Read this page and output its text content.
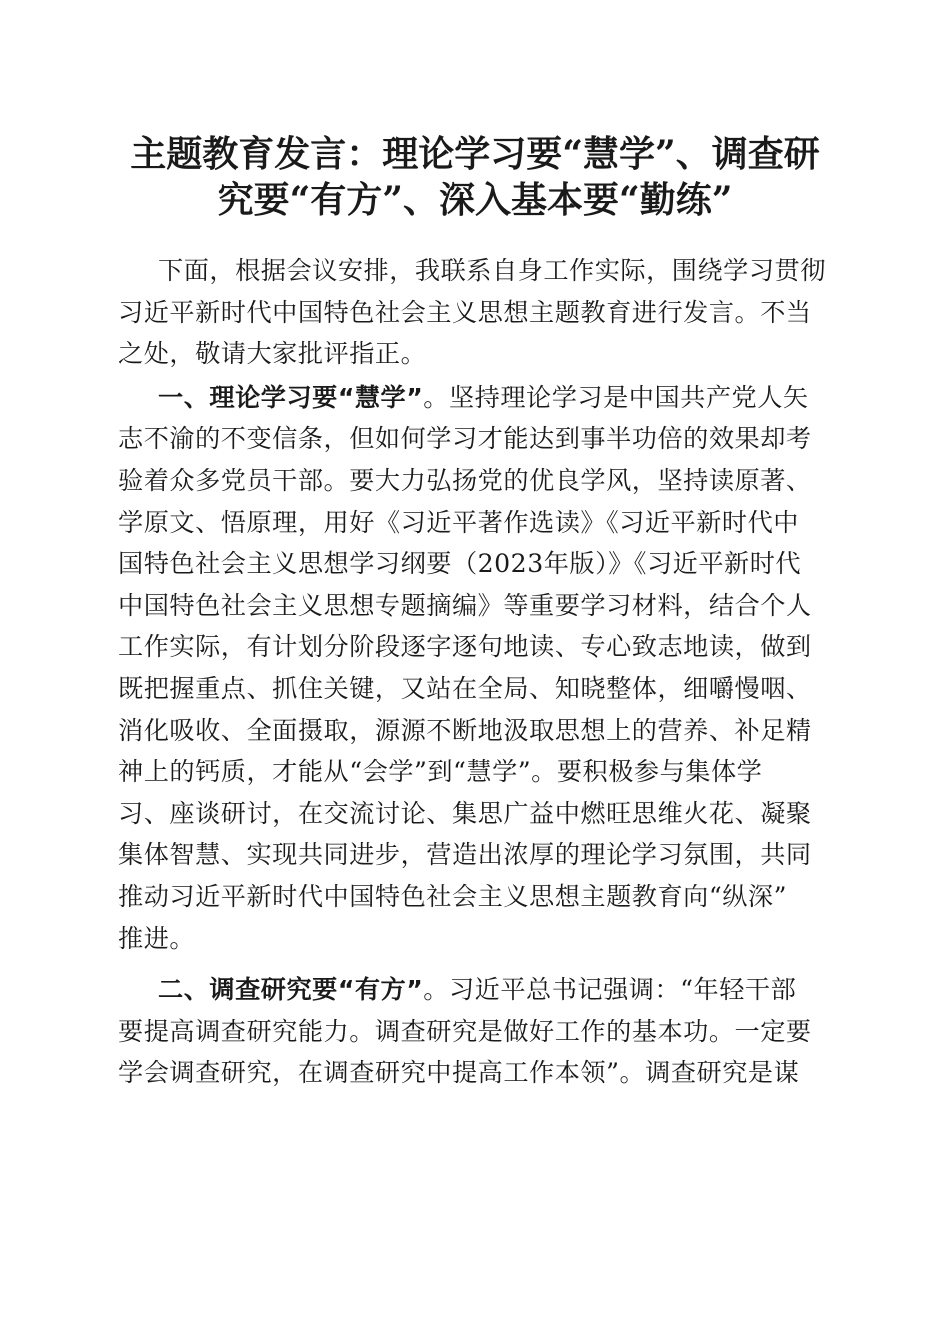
主题教育发言：理论学习要“慧学”、调查研
究要“有方”、深入基本要“勤练”

下面，根据会议安排，我联系自身工作实际，围绕学习贯彻
习近平新时代中国特色社会主义思想主题教育进行发言。不当
之处，敬请大家批评指正。

一、理论学习要“慧学”。坚持理论学习是中国共产党人矢
志不渝的不变信条，但如何学习才能达到事半功倍的效果却考
验着众多党员干部。要大力弘扬党的优良学风，坚持读原著、
学原文、悟原理，用好《习近平著作选读》《习近平新时代中
国特色社会主义思想学习纲要（2023年版）》《习近平新时代
中国特色社会主义思想专题摘编》等重要学习材料，结合个人
工作实际，有计划分阶段逐字逐句地读、专心致志地读，做到
既把握重点、抓住关键，又站在全局、知晓整体，细嚼慢咽、
消化吸收、全面摄取，源源不断地汲取思想上的营养、补足精
神上的钙质，才能从“会学”到“慧学”。要积极参与集体学
习、座谈研讨，在交流讨论、集思广益中燃旺思维火花、凝聚
集体智慧、实现共同进步，营造出浓厚的理论学习氛围，共同
推动习近平新时代中国特色社会主义思想主题教育向“纵深”
推进。

二、调查研究要“有方”。习近平总书记强调：“年轻干部
要提高调查研究能力。调查研究是做好工作的基本功。一定要
学会调查研究，在调查研究中提高工作本领”。调查研究是谋
